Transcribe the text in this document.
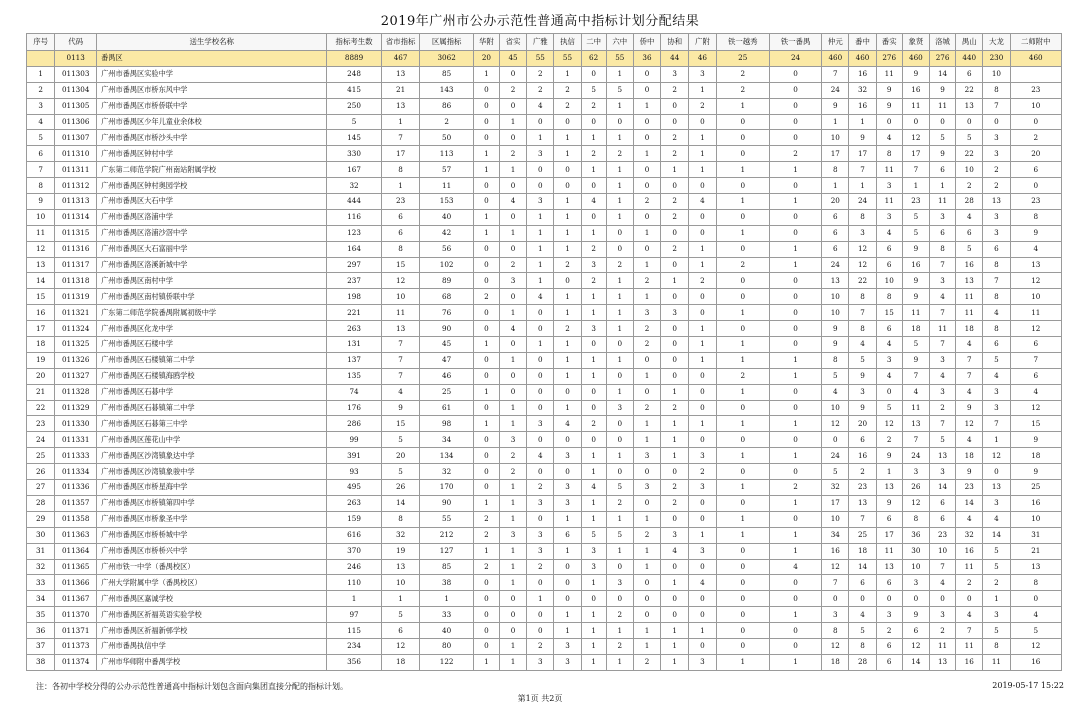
2019年广州市公办示范性普通高中指标计划分配结果
序号	代码	送生学校名称	指标考生数	省市指标	区属指标	华附	省实	广雅	执信	二中	六中	侨中	协和	广附	铁一越秀	铁一番禺	仲元	番中	番实	象贤	洛城	禺山	大龙	二师附中
	0113	番禺区	8889	467	3062	20	45	55	55	62	55	36	44	46	25	24	460	460	276	460	276	440	230	460
1	011303	广州市番禺区实验中学	248	13	85	1	0	2	1	0	1	0	3	3	2	0	7	16	11	9	14	6	10	
2	011304	广州市番禺区市桥东风中学	415	21	143	0	2	2	2	5	5	0	2	1	2	0	24	32	9	16	9	22	8	23
3	011305	广州市番禺区市桥侨联中学	250	13	86	0	0	4	2	2	1	1	0	2	1	0	9	16	9	11	11	13	7	10
4	011306	广州市番禺区少年儿童业余体校	5	1	2	0	1	0	0	0	0	0	0	0	0	0	1	1	0	0	0	0	0	0
5	011307	广州市番禺区市桥沙头中学	145	7	50	0	0	1	1	1	1	0	2	1	0	0	10	9	4	12	5	5	3	2
6	011310	广州市番禺区钟村中学	330	17	113	1	2	3	1	2	2	1	2	1	0	2	17	17	8	17	9	22	3	20
7	011311	广东第二师范学院广州南站附属学校	167	8	57	1	1	0	0	1	1	0	1	1	1	1	8	7	11	7	6	10	2	6
8	011312	广州市番禺区钟村奥园学校	32	1	11	0	0	0	0	0	1	0	0	0	0	0	1	1	3	1	1	2	2	0
9	011313	广州市番禺区大石中学	444	23	153	0	4	3	1	4	1	2	2	4	1	1	20	24	11	23	11	28	13	23
10	011314	广州市番禺区洛浦中学	116	6	40	1	0	1	1	0	1	0	2	0	0	0	6	8	3	5	3	4	3	8
11	011315	广州市番禺区洛浦沙滘中学	123	6	42	1	1	1	1	1	0	1	0	0	1	0	6	3	4	5	6	6	3	9
12	011316	广州市番禺区大石富丽中学	164	8	56	0	0	1	1	2	0	0	2	1	0	1	6	12	6	9	8	5	6	4
13	011317	广州市番禺区洛溪新城中学	297	15	102	0	2	1	2	3	2	1	0	1	2	1	24	12	6	16	7	16	8	13
14	011318	广州市番禺区南村中学	237	12	89	0	3	1	0	2	1	2	1	2	0	0	13	22	10	9	3	13	7	12
15	011319	广州市番禺区南村镇侨联中学	198	10	68	2	0	4	1	1	1	1	0	0	0	0	10	8	8	9	4	11	8	10
16	011321	广东第二师范学院番禺附属初级中学	221	11	76	0	1	0	1	1	1	3	3	0	1	0	10	7	15	11	7	11	4	11
17	011324	广州市番禺区化龙中学	263	13	90	0	4	0	2	3	1	2	0	1	0	0	9	8	6	18	11	18	8	12
18	011325	广州市番禺区石楼中学	131	7	45	1	0	1	1	0	0	2	0	1	1	0	9	4	4	5	7	4	6	6
19	011326	广州市番禺区石楼镇第二中学	137	7	47	0	1	0	1	1	1	0	0	1	1	1	8	5	3	9	3	7	5	7
20	011327	广州市番禺区石楼镇海鸥学校	135	7	46	0	0	0	1	1	0	1	0	0	2	1	5	9	4	7	4	7	4	6
21	011328	广州市番禺区石碁中学	74	4	25	1	0	0	0	0	1	0	1	0	1	0	4	3	0	4	3	4	3	4
22	011329	广州市番禺区石碁镇第二中学	176	9	61	0	1	0	1	0	3	2	2	0	0	0	10	9	5	11	2	9	3	12
23	011330	广州市番禺区石碁第三中学	286	15	98	1	1	3	4	2	0	1	1	1	1	1	12	20	12	13	7	12	7	15
24	011331	广州市番禺区莲花山中学	99	5	34	0	3	0	0	0	0	1	1	0	0	0	0	6	2	7	5	4	1	9
25	011333	广州市番禺区沙湾镇象达中学	391	20	134	0	2	4	3	1	1	3	1	3	1	1	24	16	9	24	13	18	12	18
26	011334	广州市番禺区沙湾镇象骏中学	93	5	32	0	2	0	0	1	0	0	0	2	0	0	5	2	1	3	3	9	0	9
27	011336	广州市番禺区市桥星海中学	495	26	170	0	1	2	3	4	5	3	2	3	1	2	32	23	13	26	14	23	13	25
28	011357	广州市番禺区市桥镇第四中学	263	14	90	1	1	3	3	1	2	0	2	0	0	1	17	13	9	12	6	14	3	16
29	011358	广州市番禺区市桥象圣中学	159	8	55	2	1	0	1	1	1	1	0	0	1	0	10	7	6	8	6	4	4	10
30	011363	广州市番禺区市桥桥城中学	616	32	212	2	3	3	6	5	5	2	3	1	1	1	34	25	17	36	23	32	14	31
31	011364	广州市番禺区市桥桥兴中学	370	19	127	1	1	3	1	3	1	1	4	3	0	1	16	18	11	30	10	16	5	21
32	011365	广州市铁一中学（番禺校区）	246	13	85	2	1	2	0	3	0	1	0	0	0	4	12	14	13	10	7	11	5	13
33	011366	广州大学附属中学（番禺校区）	110	10	38	0	1	0	0	1	3	0	1	4	0	0	7	6	6	3	4	2	2	8
34	011367	广州市番禺区嘉诚学校	1	1	1	0	0	1	0	0	0	0	0	0	0	0	0	0	0	0	0	0	1	0
35	011370	广州市番禺区祈福英语实验学校	97	5	33	0	0	0	1	1	2	0	0	0	0	1	3	4	3	9	3	4	3	4
36	011371	广州市番禺区祈福新邨学校	115	6	40	0	0	0	1	1	1	1	1	1	0	0	8	5	2	6	2	7	5	5
37	011373	广州市番禺执信中学	234	12	80	0	1	2	3	1	2	1	1	0	0	0	12	8	6	12	11	11	8	12
38	011374	广州市华师附中番禺学校	356	18	122	1	1	3	3	1	1	2	1	3	1	1	18	28	6	14	13	16	11	16
注：各初中学校分得的公办示范性普通高中指标计划包含面向集团直接分配的指标计划。	2019-05-17 15:22
第1页 共2页
